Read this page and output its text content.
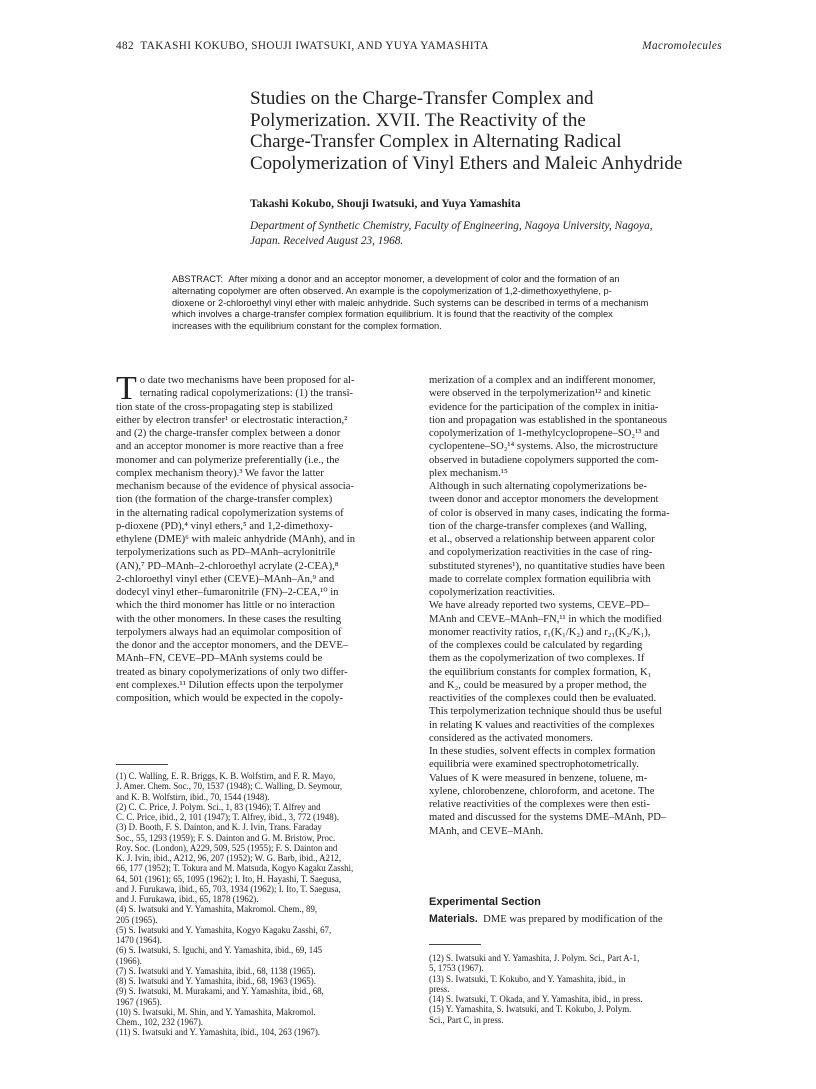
482 TAKASHI KOKUBO, SHOUJI IWATSUKI, AND YUYA YAMASHITA	Macromolecules
Studies on the Charge-Transfer Complex and
Polymerization. XVII. The Reactivity of the
Charge-Transfer Complex in Alternating Radical
Copolymerization of Vinyl Ethers and Maleic Anhydride
Takashi Kokubo, Shouji Iwatsuki, and Yuya Yamashita
Department of Synthetic Chemistry, Faculty of Engineering, Nagoya University, Nagoya,
Japan. Received August 23, 1968.
ABSTRACT: After mixing a donor and an acceptor monomer, a development of color and the formation of an
alternating copolymer are often observed. An example is the copolymerization of 1,2-dimethoxyethylene, p-
dioxene or 2-chloroethyl vinyl ether with maleic anhydride. Such systems can be described in terms of a mechanism
which involves a charge-transfer complex formation equilibrium. It is found that the reactivity of the complex
increases with the equilibrium constant for the complex formation.
T o date two mechanisms have been proposed for al-
ternating radical copolymerizations: (1) the transi-
tion state of the cross-propagating step is stabilized
either by electron transfer¹ or electrostatic interaction,²
and (2) the charge-transfer complex between a donor
and an acceptor monomer is more reactive than a free
monomer and can polymerize preferentially (i.e., the
complex mechanism theory).³ We favor the latter
mechanism because of the evidence of physical associa-
tion (the formation of the charge-transfer complex)
in the alternating radical copolymerization systems of
p-dioxene (PD),⁴ vinyl ethers,⁵ and 1,2-dimethoxy-
ethylene (DME)⁶ with maleic anhydride (MAnh), and in
terpolymerizations such as PD–MAnh–acrylonitrile
(AN),⁷ PD–MAnh–2-chloroethyl acrylate (2-CEA),⁸
2-chloroethyl vinyl ether (CEVE)–MAnh–An,⁹ and
dodecyl vinyl ether–fumaronitrile (FN)–2-CEA,¹⁰ in
which the third monomer has little or no interaction
with the other monomers. In these cases the resulting
terpolymers always had an equimolar composition of
the donor and the acceptor monomers, and the DEVE–
MAnh–FN, CEVE–PD–MAnh systems could be
treated as binary copolymerizations of only two differ-
ent complexes.¹¹ Dilution effects upon the terpolymer
composition, which would be expected in the copoly-
(1) C. Walling, E. R. Briggs, K. B. Wolfstirn, and F. R. Mayo,
J. Amer. Chem. Soc., 70, 1537 (1948); C. Walling, D. Seymour,
and K. B. Wolfstirn, ibid., 70, 1544 (1948).
(2) C. C. Price, J. Polym. Sci., 1, 83 (1946); T. Alfrey and
C. C. Price, ibid., 2, 101 (1947); T. Alfrey, ibid., 3, 772 (1948).
(3) D. Booth, F. S. Dainton, and K. J. Ivin, Trans. Faraday
Soc., 55, 1293 (1959); F. S. Dainton and G. M. Bristow, Proc.
Roy. Soc. (London), A229, 509, 525 (1955); F. S. Dainton and
K. J. Ivin, ibid., A212, 96, 207 (1952); W. G. Barb, ibid., A212,
66, 177 (1952); T. Tokura and M. Matsuda, Kogyo Kagaku Zasshi,
64, 501 (1961); 65, 1095 (1962); I. Ito, H. Hayashi, T. Saegusa,
and J. Furukawa, ibid., 65, 703, 1934 (1962); I. Ito, T. Saegusa,
and J. Furukawa, ibid., 65, 1878 (1962).
(4) S. Iwatsuki and Y. Yamashita, Makromol. Chem., 89,
205 (1965).
(5) S. Iwatsuki and Y. Yamashita, Kogyo Kagaku Zasshi, 67,
1470 (1964).
(6) S. Iwatsuki, S. Iguchi, and Y. Yamashita, ibid., 69, 145
(1966).
(7) S. Iwatsuki and Y. Yamashita, ibid., 68, 1138 (1965).
(8) S. Iwatsuki and Y. Yamashita, ibid., 68, 1963 (1965).
(9) S. Iwatsuki, M. Murakami, and Y. Yamashita, ibid., 68,
1967 (1965).
(10) S. Iwatsuki, M. Shin, and Y. Yamashita, Makromol.
Chem., 102, 232 (1967).
(11) S. Iwatsuki and Y. Yamashita, ibid., 104, 263 (1967).
merization of a complex and an indifferent monomer,
were observed in the terpolymerization¹² and kinetic
evidence for the participation of the complex in initia-
tion and propagation was established in the spontaneous
copolymerization of 1-methylcyclopropene–SO₂¹³ and
cyclopentene–SO₂¹⁴ systems. Also, the microstructure
observed in butadiene copolymers supported the com-
plex mechanism.¹⁵
Although in such alternating copolymerizations be-
tween donor and acceptor monomers the development
of color is observed in many cases, indicating the forma-
tion of the charge-transfer complexes (and Walling,
et al., observed a relationship between apparent color
and copolymerization reactivities in the case of ring-
substituted styrenes¹), no quantitative studies have been
made to correlate complex formation equilibria with
copolymerization reactivities.
We have already reported two systems, CEVE–PD–
MAnh and CEVE–MAnh–FN,¹¹ in which the modified
monomer reactivity ratios, r₁(K₁/K₂) and r₂₁(K₂/K₁),
of the complexes could be calculated by regarding
them as the copolymerization of two complexes. If
the equilibrium constants for complex formation, K₁
and K₂, could be measured by a proper method, the
reactivities of the complexes could then be evaluated.
This terpolymerization technique should thus be useful
in relating K values and reactivities of the complexes
considered as the activated monomers.
In these studies, solvent effects in complex formation
equilibria were examined spectrophotometrically.
Values of K were measured in benzene, toluene, m-
xylene, chlorobenzene, chloroform, and acetone. The
relative reactivities of the complexes were then esti-
mated and discussed for the systems DME–MAnh, PD–
MAnh, and CEVE–MAnh.
Experimental Section
Materials. DME was prepared by modification of the
(12) S. Iwatsuki and Y. Yamashita, J. Polym. Sci., Part A-1,
5, 1753 (1967).
(13) S. Iwatsuki, T. Kokubo, and Y. Yamashita, ibid., in
press.
(14) S. Iwatsuki, T. Okada, and Y. Yamashita, ibid., in press.
(15) Y. Yamashita, S. Iwatsuki, and T. Kokubo, J. Polym.
Sci., Part C, in press.
